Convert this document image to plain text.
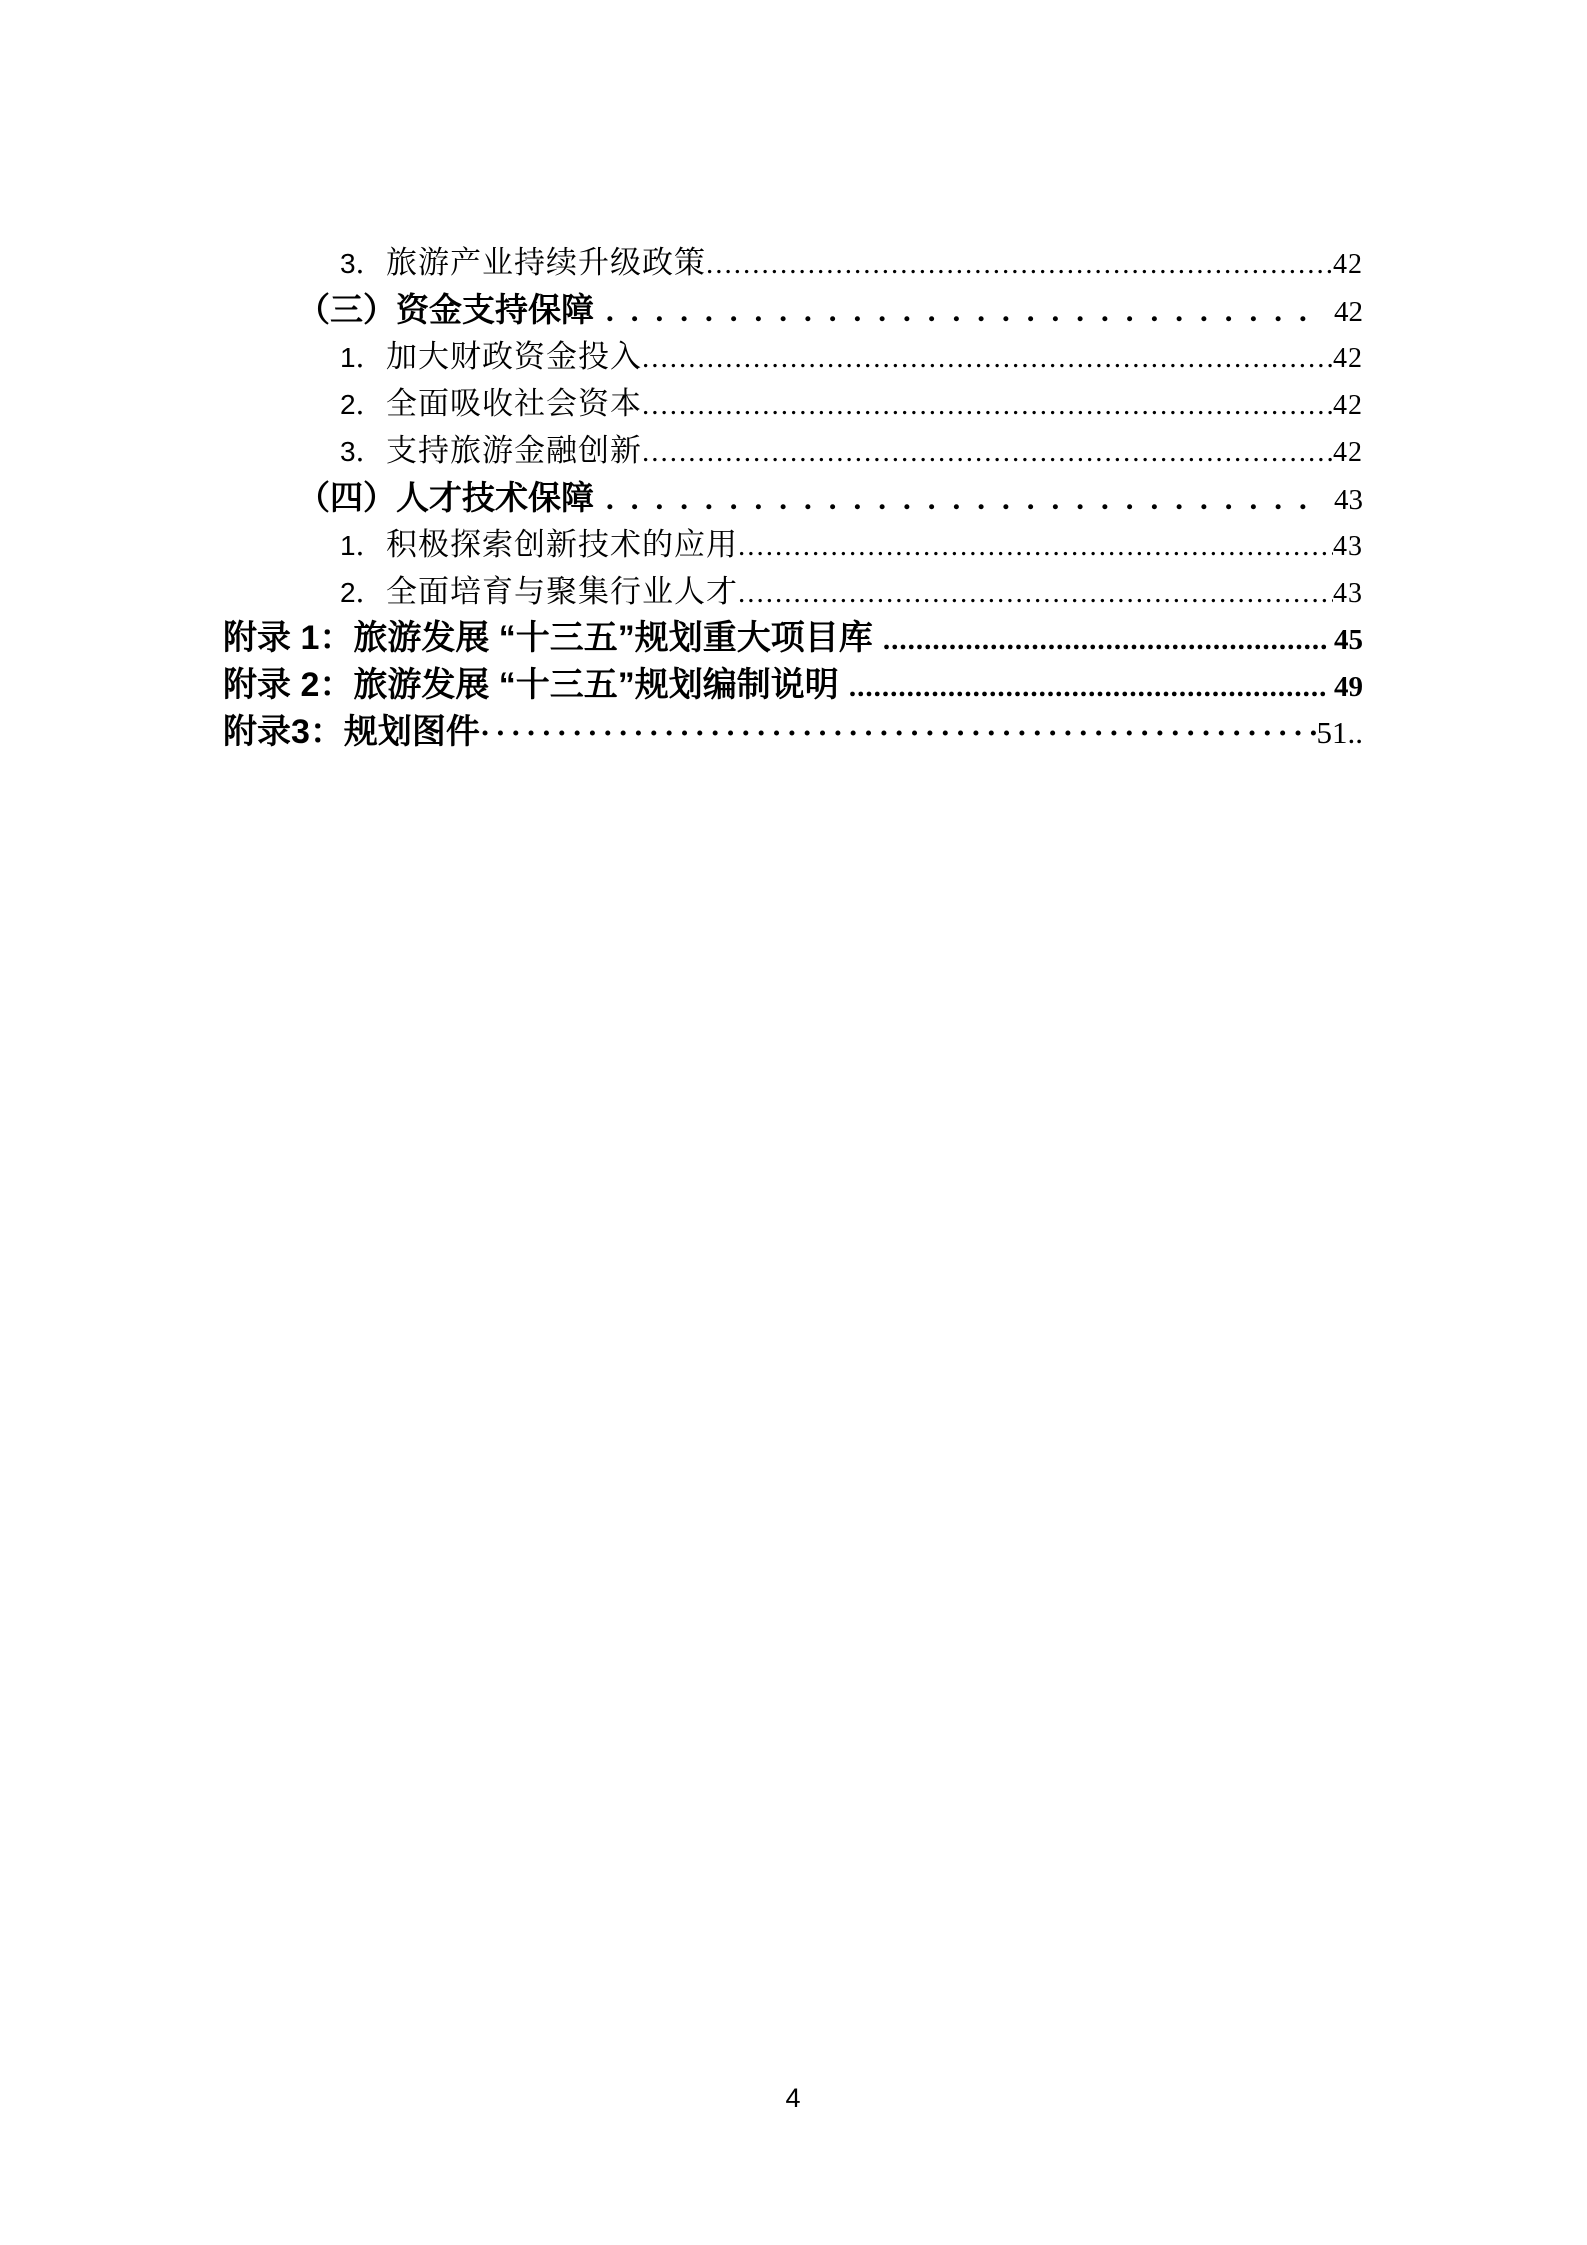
3． 旅游产业持续升级政策 .....	42
（三）资金支持保障 .....	42
1． 加大财政资金投入 .....	42
2． 全面吸收社会资本 .....	42
3． 支持旅游金融创新 .....	42
（四）人才技术保障 .....	43
1． 积极探索创新技术的应用 .....	43
2． 全面培育与聚集行业人才 .....	43
附录 1：旅游发展 “十三五”规划重大项目库 .....	45
附录 2：旅游发展 “十三五”规划编制说明 .....	49
附录3：规划图件 ·····	51..
4
